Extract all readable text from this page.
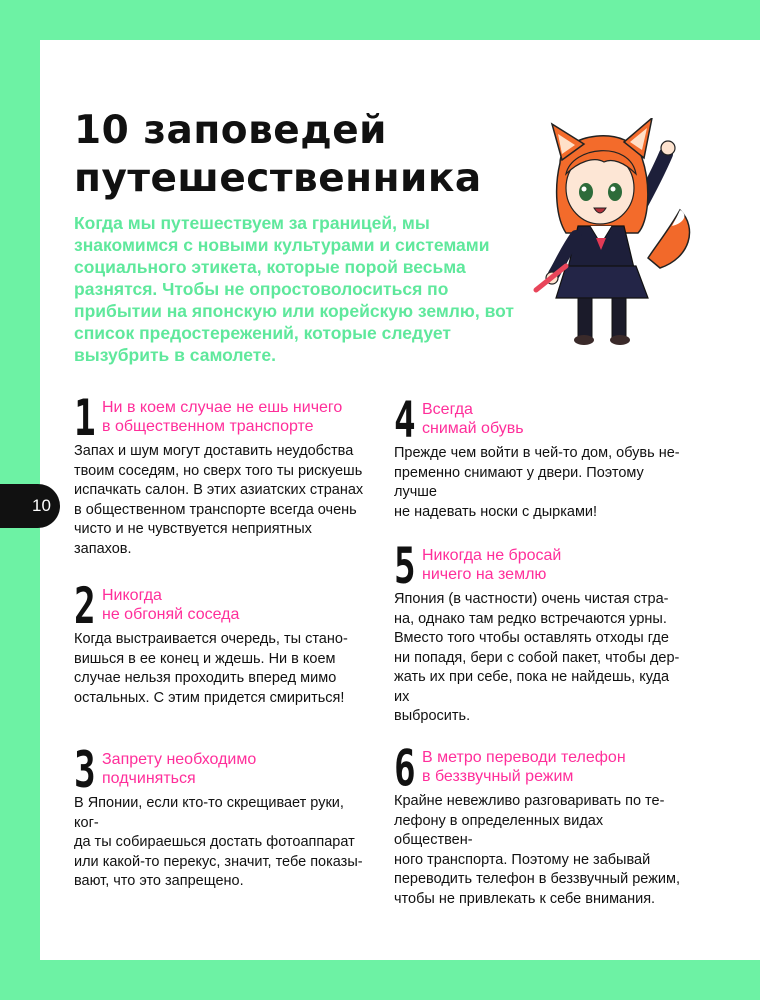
10
10 заповедей путешественника

Когда мы путешествуем за границей, мы знакомимся с новыми культурами и системами социального этикета, которые порой весьма разнятся. Чтобы не опростоволоситься по прибытии на японскую или корейскую землю, вот список предостережений, которые следует вызубрить в самолете.

1 Ни в коем случае не ешь ничего
в общественном транспорте

Запах и шум могут доставить неудобства
твоим соседям, но сверх того ты рискуешь
испачкать салон. В этих азиатских странах
в общественном транспорте всегда очень
чисто и не чувствуется неприятных запахов.

2 Никогда
не обгоняй соседа

Когда выстраивается очередь, ты стано-
вишься в ее конец и ждешь. Ни в коем
случае нельзя проходить вперед мимо
остальных. С этим придется смириться!

3 Запрету необходимо
подчиняться

В Японии, если кто-то скрещивает руки, ког-
да ты собираешься достать фотоаппарат
или какой-то перекус, значит, тебе показы-
вают, что это запрещено.

4 Всегда
снимай обувь

Прежде чем войти в чей-то дом, обувь не-
пременно снимают у двери. Поэтому лучше
не надевать носки с дырками!

5 Никогда не бросай
ничего на землю

Япония (в частности) очень чистая стра-
на, однако там редко встречаются урны.
Вместо того чтобы оставлять отходы где
ни попадя, бери с собой пакет, чтобы дер-
жать их при себе, пока не найдешь, куда их
выбросить.

6 В метро переводи телефон
в беззвучный режим

Крайне невежливо разговаривать по те-
лефону в определенных видах обществен-
ного транспорта. Поэтому не забывай
переводить телефон в беззвучный режим,
чтобы не привлекать к себе внимания.
